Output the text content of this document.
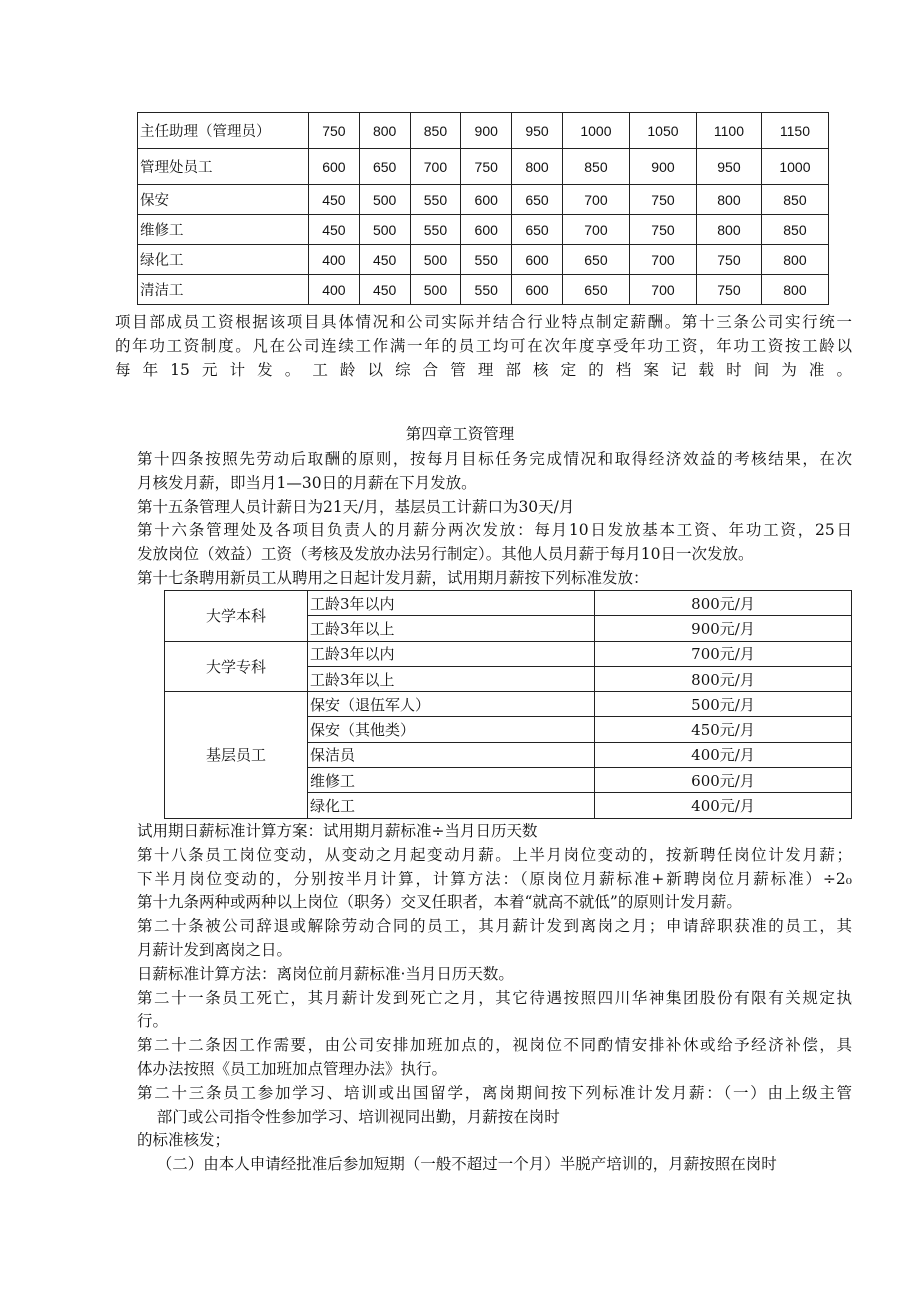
主任助理（管理员）	750	800	850	900	950	1000	1050	1100	1150
管理处员工	600	650	700	750	800	850	900	950	1000
保安	450	500	550	600	650	700	750	800	850
维修工	450	500	550	600	650	700	750	800	850
绿化工	400	450	500	550	600	650	700	750	800
清洁工	400	450	500	550	600	650	700	750	800
项目部成员工资根据该项目具体情况和公司实际并结合行业特点制定薪酬。第十三条公司实行统一
的年功工资制度。凡在公司连续工作满一年的员工均可在次年度享受年功工资，年功工资按工龄以
每年15元计发。工龄以综合管理部核定的档案记载时间为准。
第四章工资管理
第十四条按照先劳动后取酬的原则，按每月目标任务完成情况和取得经济效益的考核结果，在次
月核发月薪，即当月1—30日的月薪在下月发放。
第十五条管理人员计薪日为21天/月，基层员工计薪口为30天/月
第十六条管理处及各项目负责人的月薪分两次发放：每月10日发放基本工资、年功工资，25日
发放岗位（效益）工资（考核及发放办法另行制定）。其他人员月薪于每月10日一次发放。
第十七条聘用新员工从聘用之日起计发月薪，试用期月薪按下列标准发放：
大学本科	工龄3年以内	800元/月
	工龄3年以上	900元/月
大学专科	工龄3年以内	700元/月
	工龄3年以上	800元/月
基层员工	保安（退伍军人）	500元/月
	保安（其他类）	450元/月
	保洁员	400元/月
	维修工	600元/月
	绿化工	400元/月
试用期日薪标准计算方案：试用期月薪标准÷当月日历天数
第十八条员工岗位变动，从变动之月起变动月薪。上半月岗位变动的，按新聘任岗位计发月薪；
下半月岗位变动的，分别按半月计算，计算方法：（原岗位月薪标准+新聘岗位月薪标准）÷2₀
第十九条两种或两种以上岗位（职务）交叉任职者，本着“就高不就低”的原则计发月薪。
第二十条被公司辞退或解除劳动合同的员工，其月薪计发到离岗之月；申请辞职获准的员工，其
月薪计发到离岗之日。
日薪标准计算方法：离岗位前月薪标准·当月日历天数。
第二十一条员工死亡，其月薪计发到死亡之月，其它待遇按照四川华神集团股份有限有关规定执
行。
第二十二条因工作需要，由公司安排加班加点的，视岗位不同酌情安排补休或给予经济补偿，具
体办法按照《员工加班加点管理办法》执行。
第二十三条员工参加学习、培训或出国留学，离岗期间按下列标准计发月薪：（一）由上级主管
部门或公司指令性参加学习、培训视同出勤，月薪按在岗时
的标准核发；
（二）由本人申请经批准后参加短期（一般不超过一个月）半脱产培训的，月薪按照在岗时
